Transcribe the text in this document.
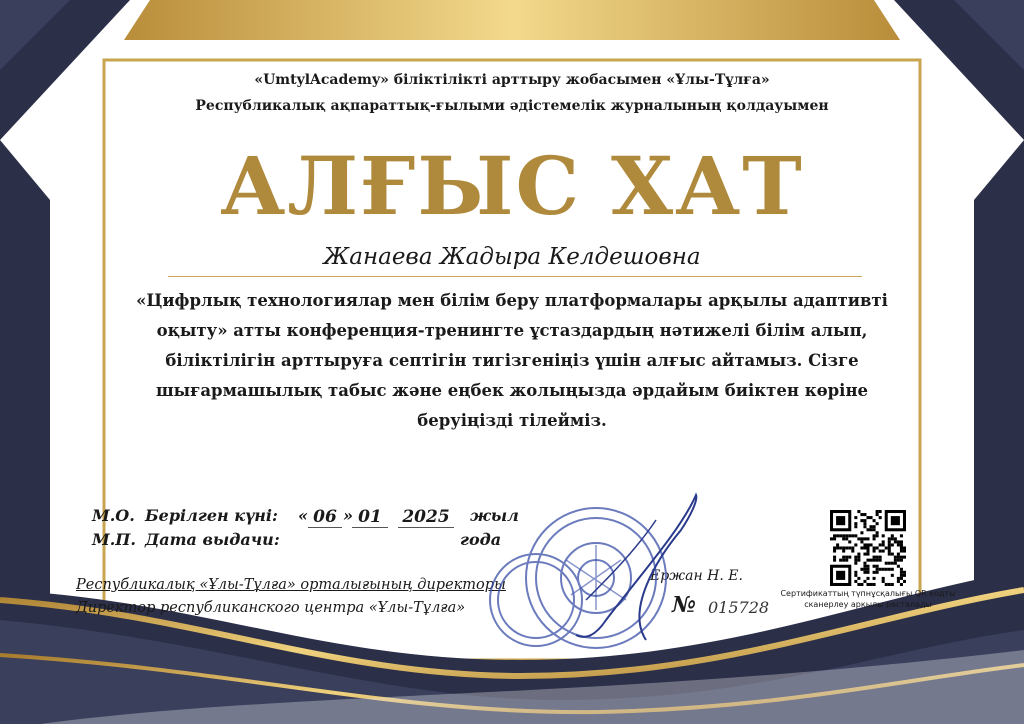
«UmtylAcademy» біліктілікті арттыру жобасымен «Ұлы-Тұлға»
Республикалық ақпараттық-ғылыми әдістемелік журналының қолдауымен
АЛҒЫС ХАТ
Жанаева Жадыра Келдешовна
«Цифрлық технологиялар мен білім беру платформалары арқылы адаптивті оқыту» атты конференция-тренингте ұстаздардың нәтижелі білім алып, біліктілігін арттыруға септігін тигізгеніңіз үшін алғыс айтамыз. Сізге шығармашылық табыс және еңбек жолыңызда әрдайым биіктен көріне беруіңізді тілейміз.
М.О.
М.П.
Берілген күні:
Дата выдачи:
« 06 » 01	2025 жыл
года
Республикалық «Ұлы-Тұлға» орталығының директоры
Директор республиканского центра «Ұлы-Тұлға»
Ержан Н. Е.
№ 015728
Сертификаттың түпнұсқалығы QR кодты сканерлеу арқылы расталады
